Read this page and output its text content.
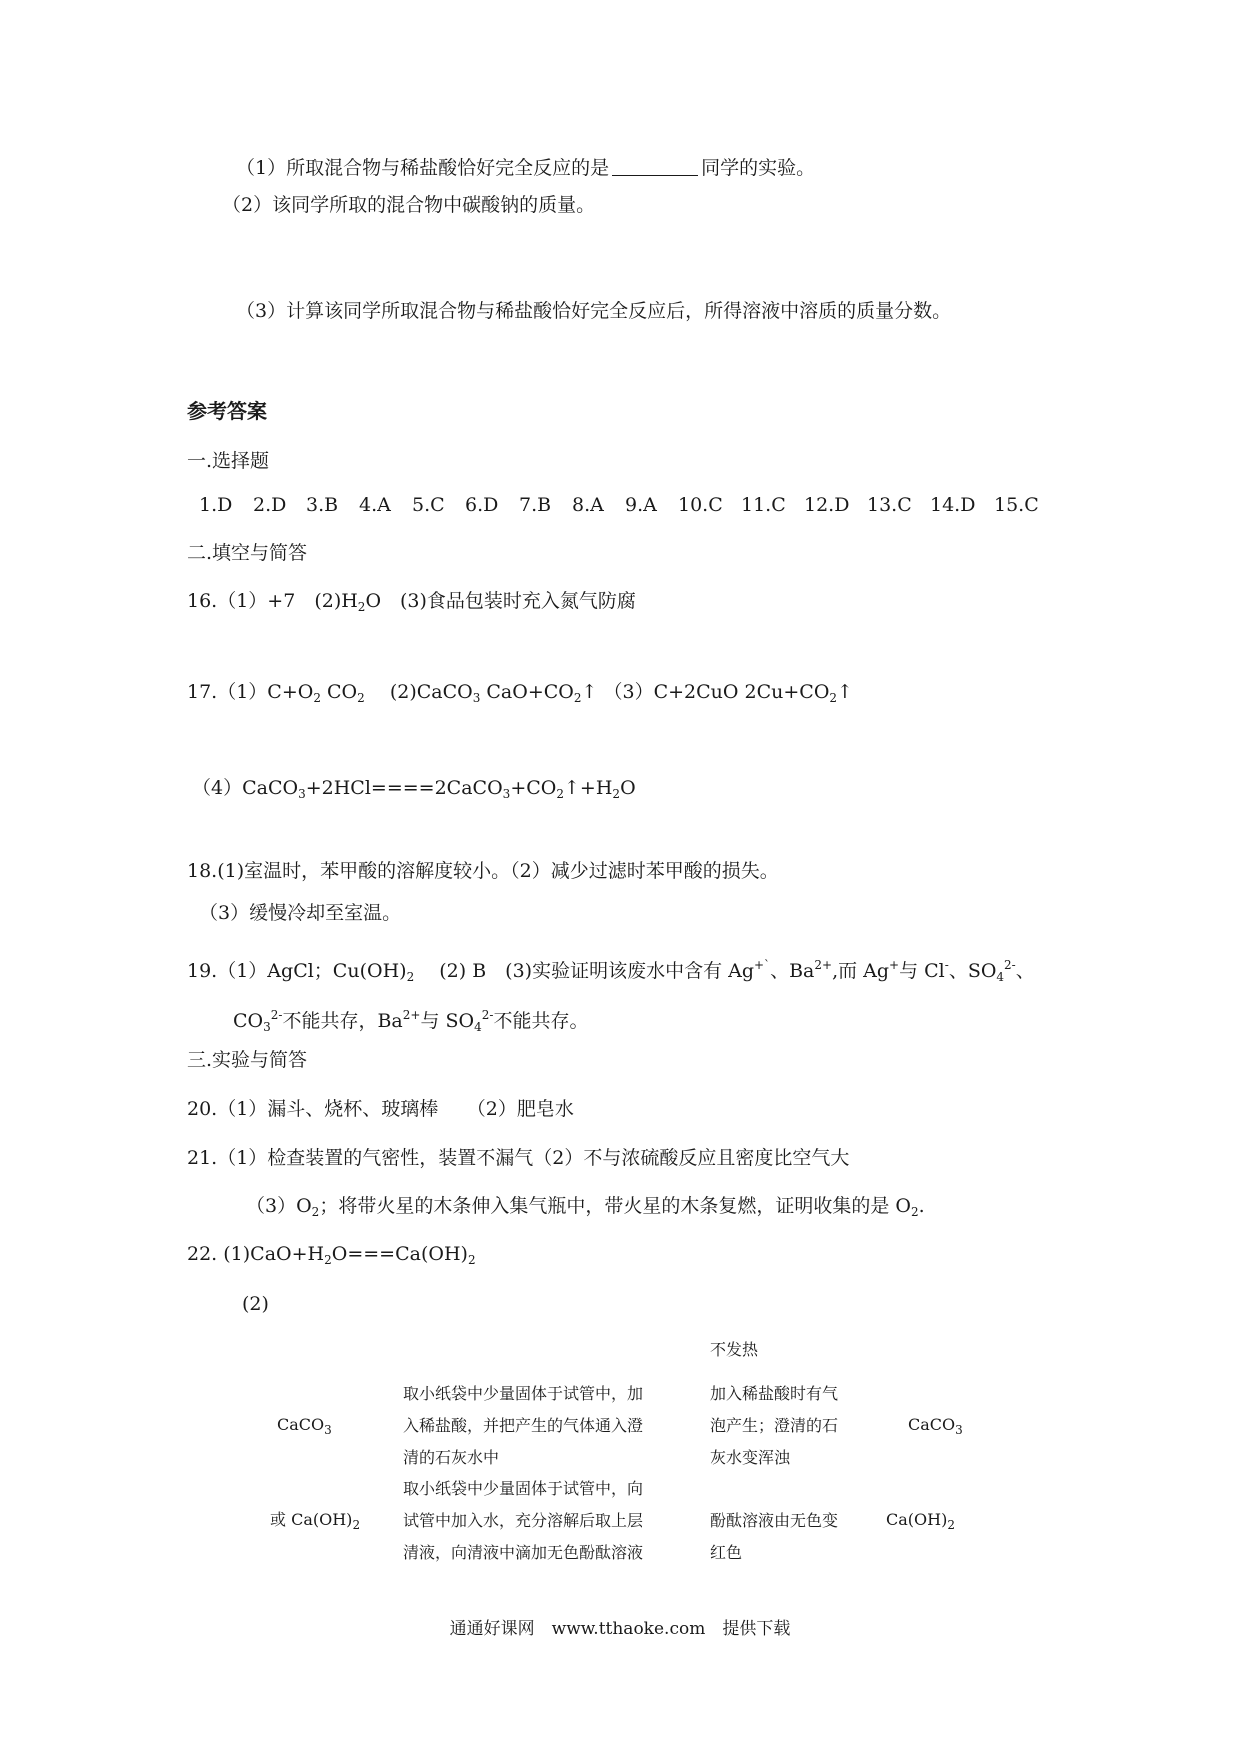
（1）所取混合物与稀盐酸恰好完全反应的是	同学的实验。
（2）该同学所取的混合物中碳酸钠的质量。
（3）计算该同学所取混合物与稀盐酸恰好完全反应后，所得溶液中溶质的质量分数。
参考答案
一.选择题
1.D 2.D 3.B 4.A 5.C 6.D 7.B 8.A 9.A 10.C 11.C 12.D 13.C 14.D 15.C
二.填空与简答
16.（1）+7　$(2)H_2O$　(3)食品包装时充入氮气防腐
$17.(1)C+O_2$ $CO_2$　 (2)CaCO$_3$ $CaO+CO_2↑$ （3）C+2CuO $2Cu+CO_2↑$
$(4)CaCO_3+2HCl====2CaCO_3+CO_2↑+H_2O$
18.(1)室温时，苯甲酸的溶解度较小。（2）减少过滤时苯甲酸的损失。
（3）缓慢冷却至室温。
19.（1）AgCl；$Cu(OH)_2$　 (2) B　(3)实验证明该废水中含有 Ag+`、$Ba^{2+}$,而 Ag+与 Cl-、$SO_4^{2-}$、
$CO_3^{2-}$不能共存，$Ba^{2+}$与 $SO_4^{2-}$不能共存。
三.实验与简答
20.（1）漏斗、烧杯、玻璃棒　　（2）肥皂水
21.（1）检查装置的气密性，装置不漏气（2）不与浓硫酸反应且密度比空气大
$(3)O_2$；将带火星的木条伸入集气瓶中，带火星的木条复燃，证明收集的是 $O_2$.
22. $(1)CaO+H_2O===Ca(OH)_2$
(2)
不发热
CaCO$_3$
取小纸袋中少量固体于试管中，加
入稀盐酸，并把产生的气体通入澄
清的石灰水中
加入稀盐酸时有气
泡产生；澄清的石
灰水变浑浊
CaCO$_3$
或 $Ca(OH)_2$
取小纸袋中少量固体于试管中，向
试管中加入水，充分溶解后取上层
清液，向清液中滴加无色酚酞溶液
酚酞溶液由无色变
红色
$Ca(OH)_2$
通通好课网　www.tthaoke.com　提供下载
